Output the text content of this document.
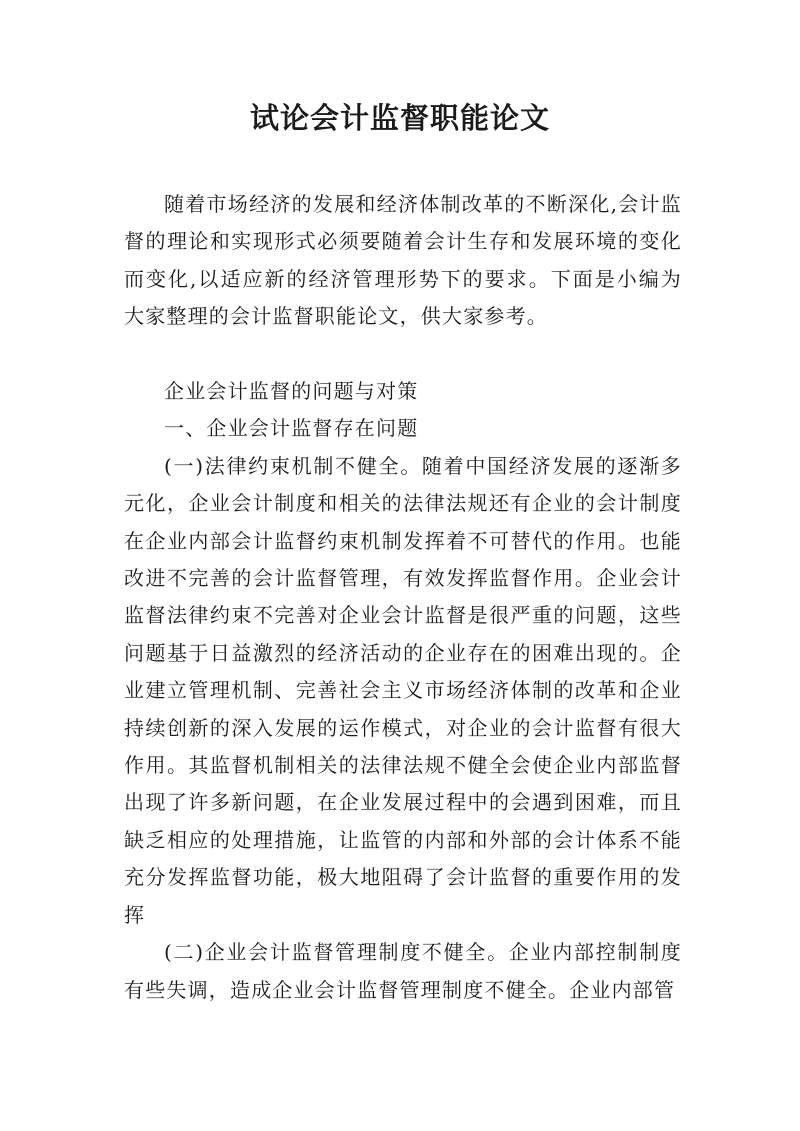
试论会计监督职能论文

随着市场经济的发展和经济体制改革的不断深化,会计监督的理论和实现形式必须要随着会计生存和发展环境的变化而变化,以适应新的经济管理形势下的要求。下面是小编为大家整理的会计监督职能论文，供大家参考。

企业会计监督的问题与对策

一、企业会计监督存在问题

(一)法律约束机制不健全。随着中国经济发展的逐渐多元化，企业会计制度和相关的法律法规还有企业的会计制度在企业内部会计监督约束机制发挥着不可替代的作用。也能改进不完善的会计监督管理，有效发挥监督作用。企业会计监督法律约束不完善对企业会计监督是很严重的问题，这些问题基于日益激烈的经济活动的企业存在的困难出现的。企业建立管理机制、完善社会主义市场经济体制的改革和企业持续创新的深入发展的运作模式，对企业的会计监督有很大作用。其监督机制相关的法律法规不健全会使企业内部监督出现了许多新问题，在企业发展过程中的会遇到困难，而且缺乏相应的处理措施，让监管的内部和外部的会计体系不能充分发挥监督功能，极大地阻碍了会计监督的重要作用的发挥

(二)企业会计监督管理制度不健全。企业内部控制制度有些失调，造成企业会计监督管理制度不健全。企业内部管
